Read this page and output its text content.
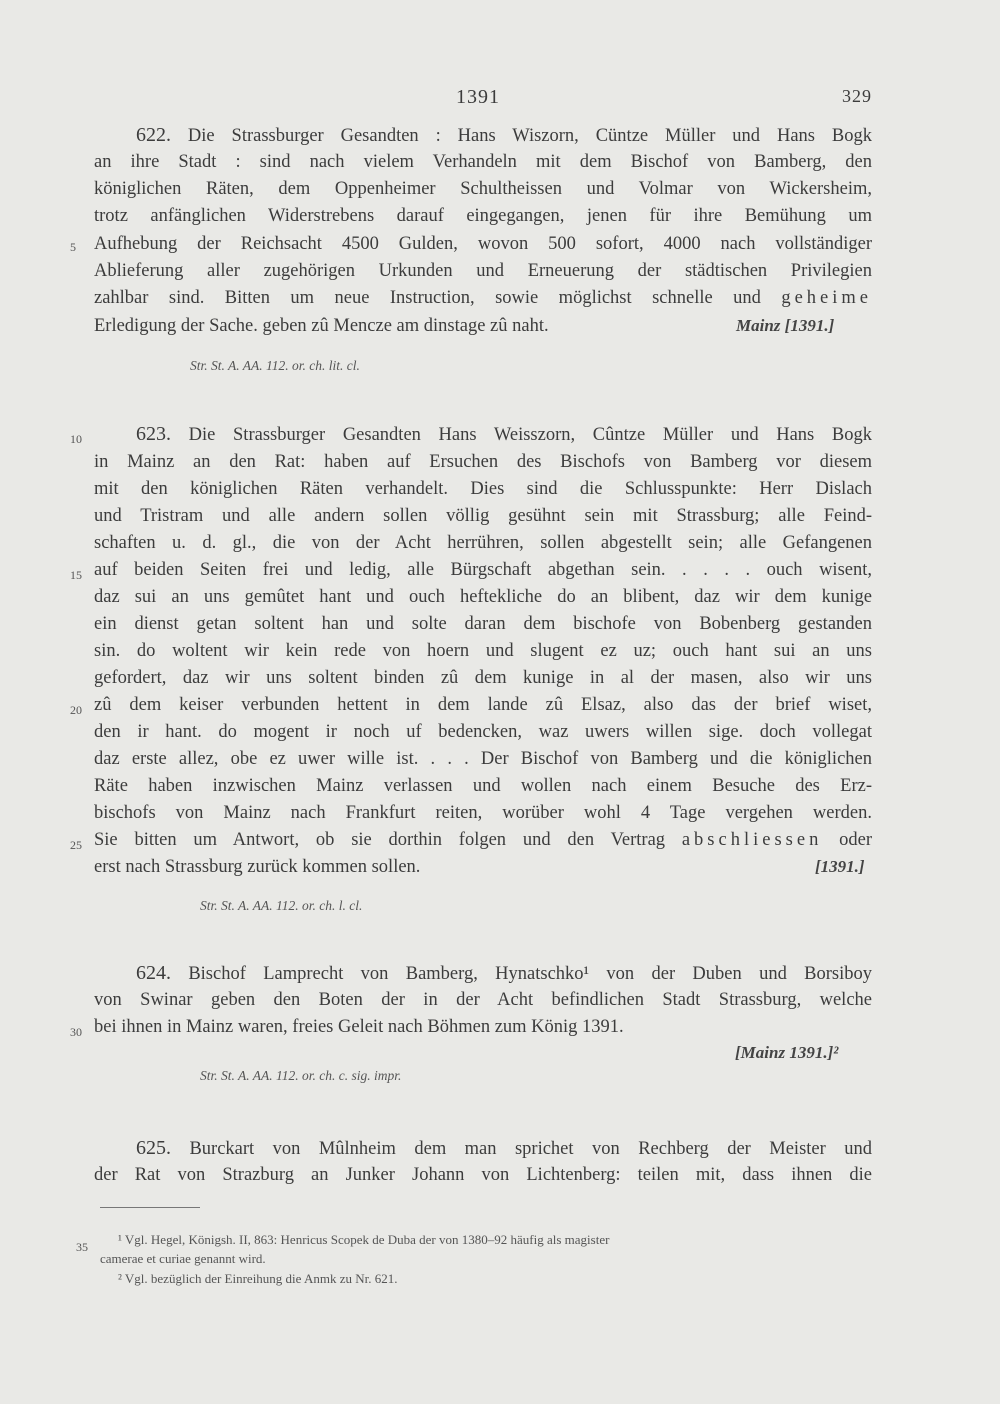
1391	329
622. Die Strassburger Gesandten : Hans Wiszorn, Cüntze Müller und Hans Bogk
an ihre Stadt : sind nach vielem Verhandeln mit dem Bischof von Bamberg, den
königlichen Räten, dem Oppenheimer Schultheissen und Volmar von Wickersheim,
trotz anfänglichen Widerstrebens darauf eingegangen, jenen für ihre Bemühung um
5 Aufhebung der Reichsacht 4500 Gulden, wovon 500 sofort, 4000 nach vollständiger
Ablieferung aller zugehörigen Urkunden und Erneuerung der städtischen Privilegien
zahlbar sind. Bitten um neue Instruction, sowie möglichst schnelle und geheime
Erledigung der Sache. geben zû Mencze am dinstage zû naht.	Mainz [1391.]
Str. St. A. AA. 112. or. ch. lit. cl.
10	623. Die Strassburger Gesandten Hans Weisszorn, Cûntze Müller und Hans Bogk
in Mainz an den Rat: haben auf Ersuchen des Bischofs von Bamberg vor diesem
mit den königlichen Räten verhandelt. Dies sind die Schlusspunkte: Herr Dislach
und Tristram und alle andern sollen völlig gesühnt sein mit Strassburg; alle Feind-
schaften u. d. gl., die von der Acht herrühren, sollen abgestellt sein; alle Gefangenen
15 auf beiden Seiten frei und ledig, alle Bürgschaft abgethan sein. . . . . ouch wisent,
daz sui an uns gemûtet hant und ouch heftekliche do an blibent, daz wir dem kunige
ein dienst getan soltent han und solte daran dem bischofe von Bobenberg gestanden
sin. do woltent wir kein rede von hoern und slugent ez uz; ouch hant sui an uns
gefordert, daz wir uns soltent binden zû dem kunige in al der masen, also wir uns
20 zû dem keiser verbunden hettent in dem lande zû Elsaz, also das der brief wiset,
den ir hant. do mogent ir noch uf bedencken, waz uwers willen sige. doch vollegat
daz erste allez, obe ez uwer wille ist. . . . Der Bischof von Bamberg und die königlichen
Räte haben inzwischen Mainz verlassen und wollen nach einem Besuche des Erz-
bischofs von Mainz nach Frankfurt reiten, worüber wohl 4 Tage vergehen werden.
25 Sie bitten um Antwort, ob sie dorthin folgen und den Vertrag abschliessen oder
erst nach Strassburg zurück kommen sollen.	[1391.]
Str. St. A. AA. 112. or. ch. l. cl.
624. Bischof Lamprecht von Bamberg, Hynatschko¹ von der Duben und Borsiboy
von Swinar geben den Boten der in der Acht befindlichen Stadt Strassburg, welche
30 bei ihnen in Mainz waren, freies Geleit nach Böhmen zum König 1391.
[Mainz 1391.]²
Str. St. A. AA. 112. or. ch. c. sig. impr.
625. Burckart von Mûlnheim dem man sprichet von Rechberg der Meister und
der Rat von Strazburg an Junker Johann von Lichtenberg: teilen mit, dass ihnen die
35 ¹ Vgl. Hegel, Königsh. II, 863: Henricus Scopek de Duba der von 1380–92 häufig als magister
camerae et curiae genannt wird.
² Vgl. bezüglich der Einreihung die Anmk zu Nr. 621.
